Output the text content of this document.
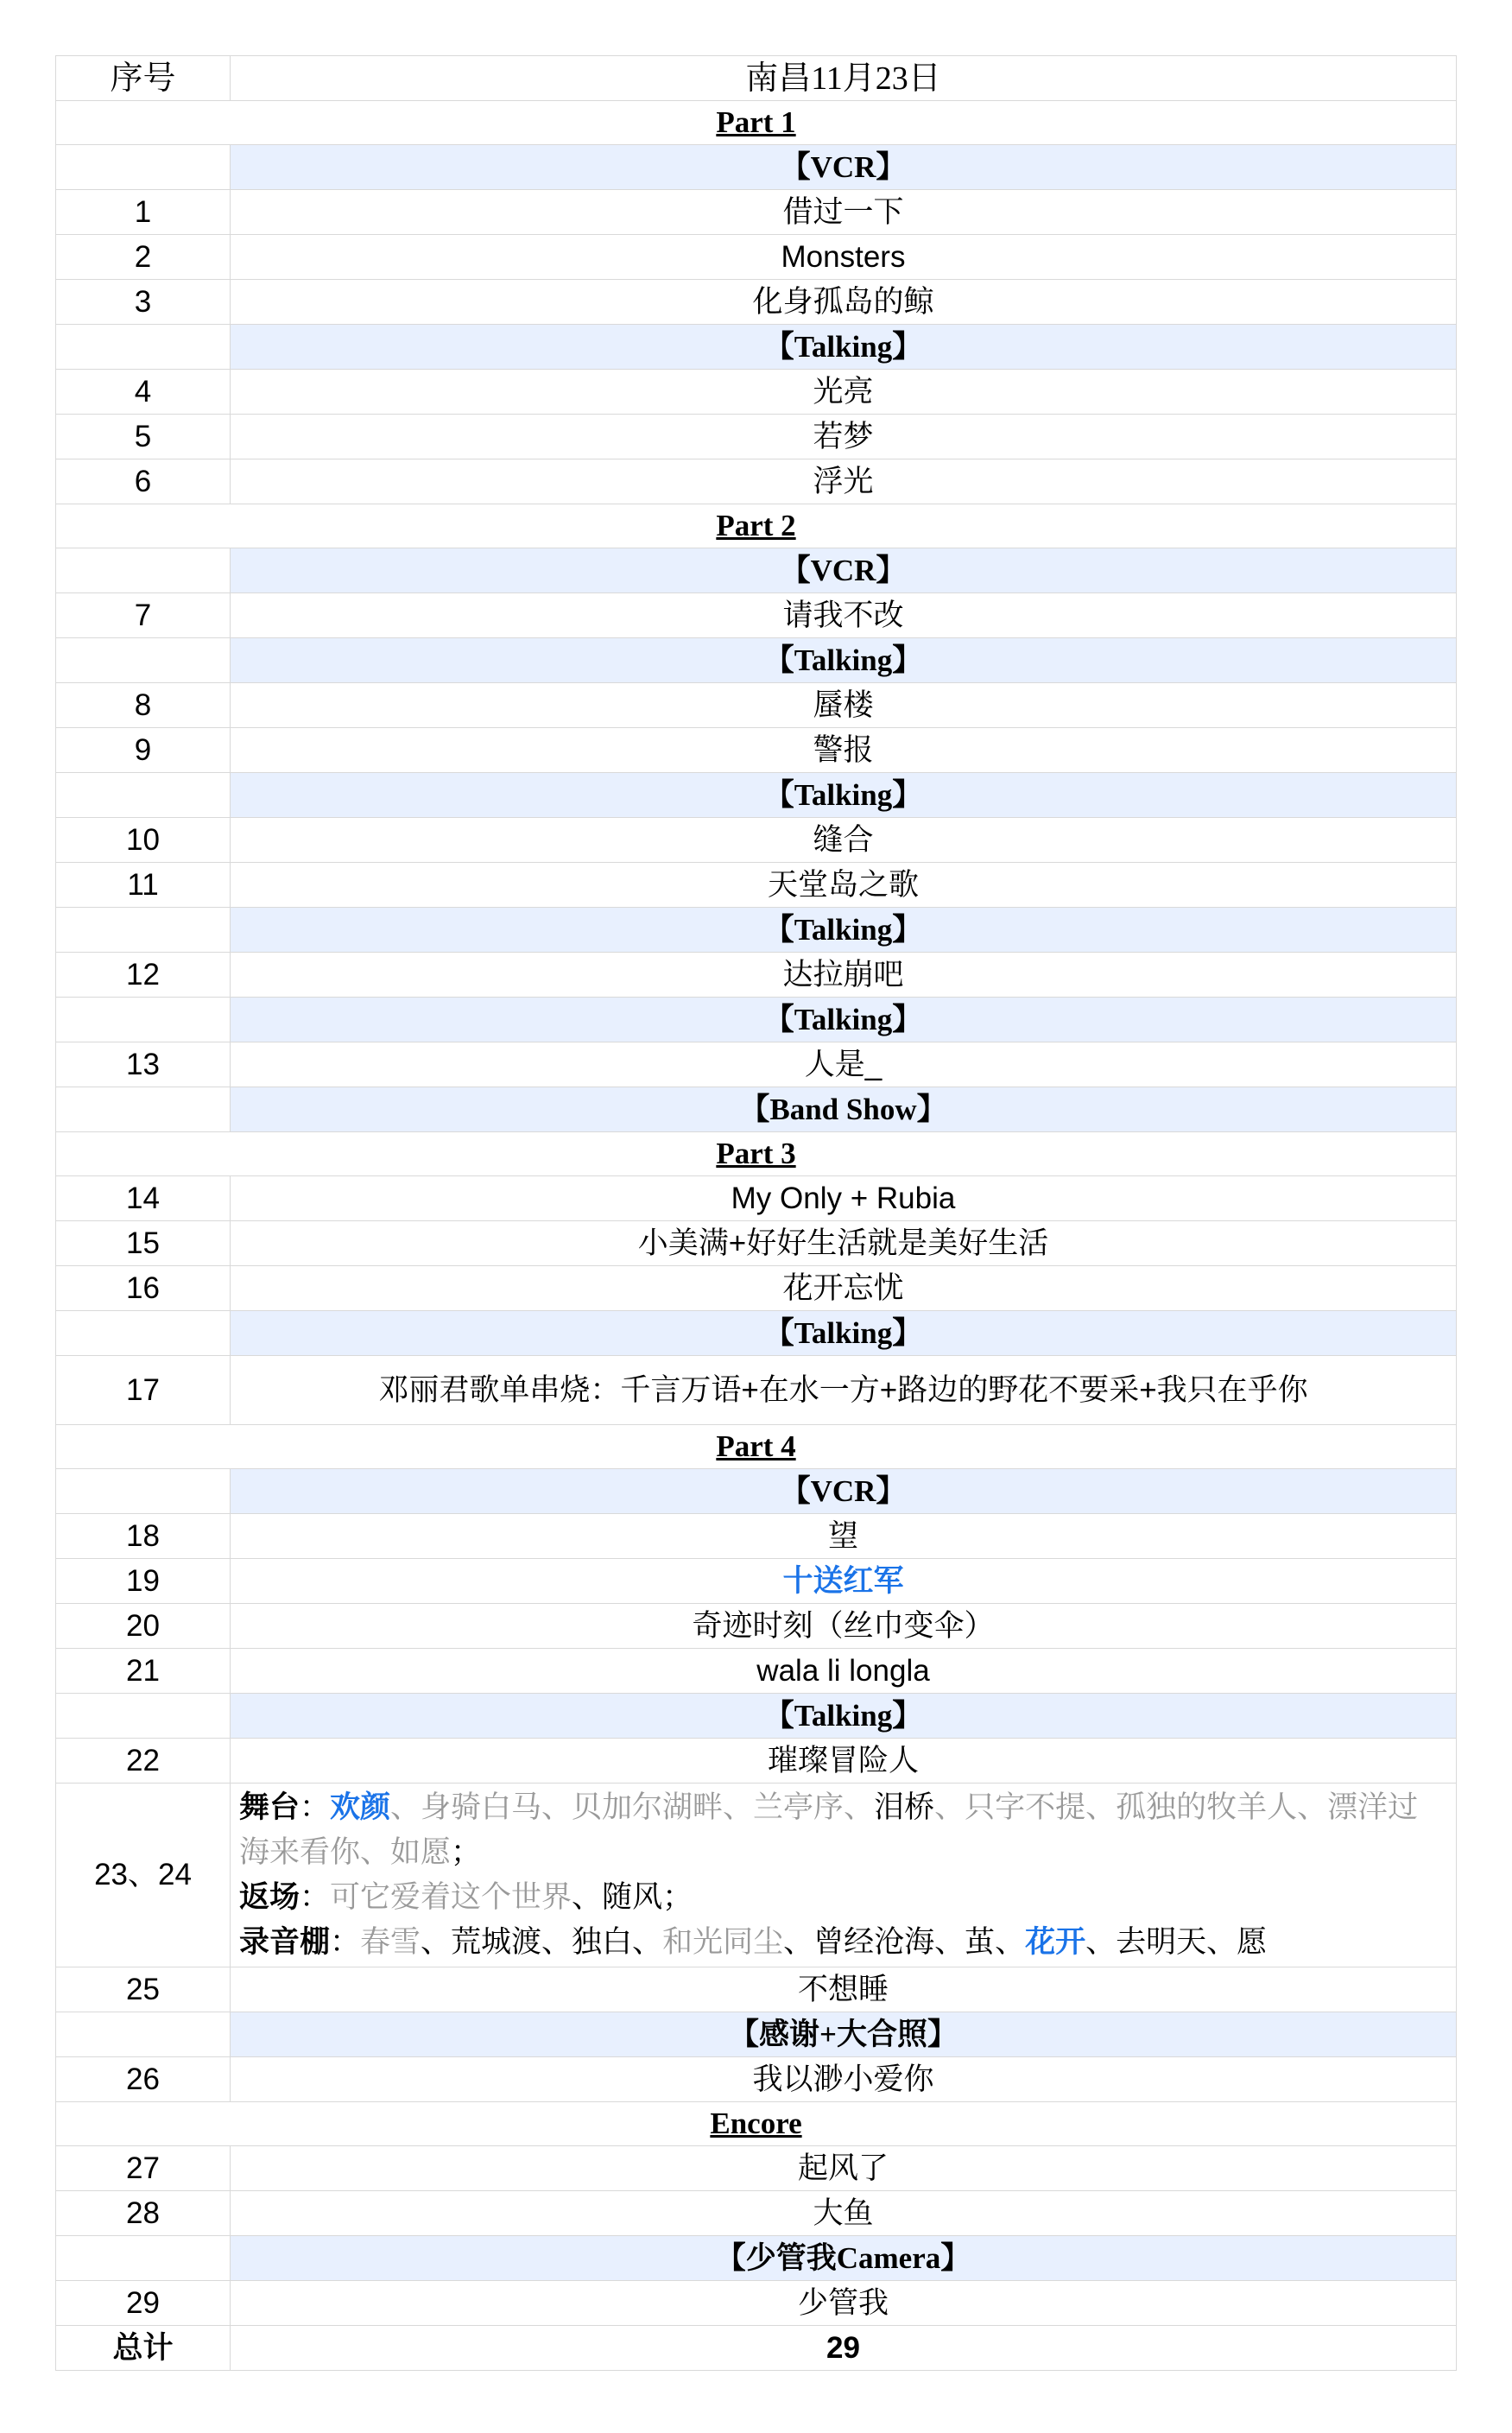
序号	南昌11月23日
Part 1	
	【VCR】
1	借过一下
2	Monsters
3	化身孤岛的鲸
	【Talking】
4	光亮
5	若梦
6	浮光
Part 2	
	【VCR】
7	请我不改
	【Talking】
8	蜃楼
9	警报
	【Talking】
10	缝合
11	天堂岛之歌
	【Talking】
12	达拉崩吧
	【Talking】
13	人是_
	【Band Show】
Part 3	
14	My Only + Rubia
15	小美满+好好生活就是美好生活
16	花开忘忧
	【Talking】
17	邓丽君歌单串烧：千言万语+在水一方+路边的野花不要采+我只在乎你
Part 4	
	【VCR】
18	望
19	十送红军
20	奇迹时刻（丝巾变伞）
21	wala li longla
	【Talking】
22	璀璨冒险人
23、24	舞台：欢颜、身骑白马、贝加尔湖畔、兰亭序、泪桥、只字不提、孤独的牧羊人、漂洋过海来看你、如愿；
返场：可它爱着这个世界、随风；
录音棚：春雪、荒城渡、独白、和光同尘、曾经沧海、茧、花开、去明天、愿

25	不想睡
	【感谢+大合照】
26	我以渺小爱你
Encore	
27	起风了
28	大鱼
	【少管我Camera】
29	少管我
总计	29
